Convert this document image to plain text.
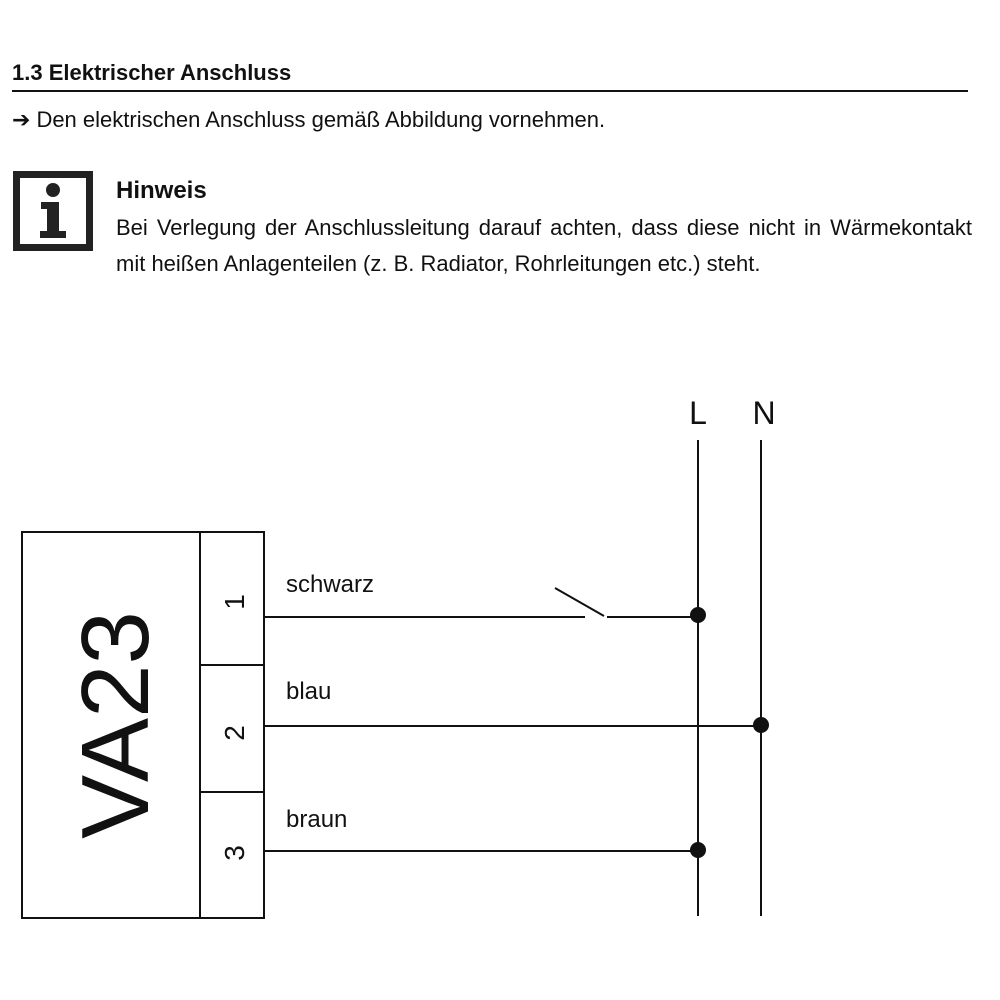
1.3 Elektrischer Anschluss
➔ Den elektrischen Anschluss gemäß Abbildung vornehmen.
Hinweis
Bei Verlegung der Anschlussleitung darauf achten, dass diese nicht in Wärmekontakt mit heißen Anlagenteilen (z. B. Radiator, Rohrleitungen etc.) steht.
VA23
1
2
3
L N
schwarz
blau
braun
